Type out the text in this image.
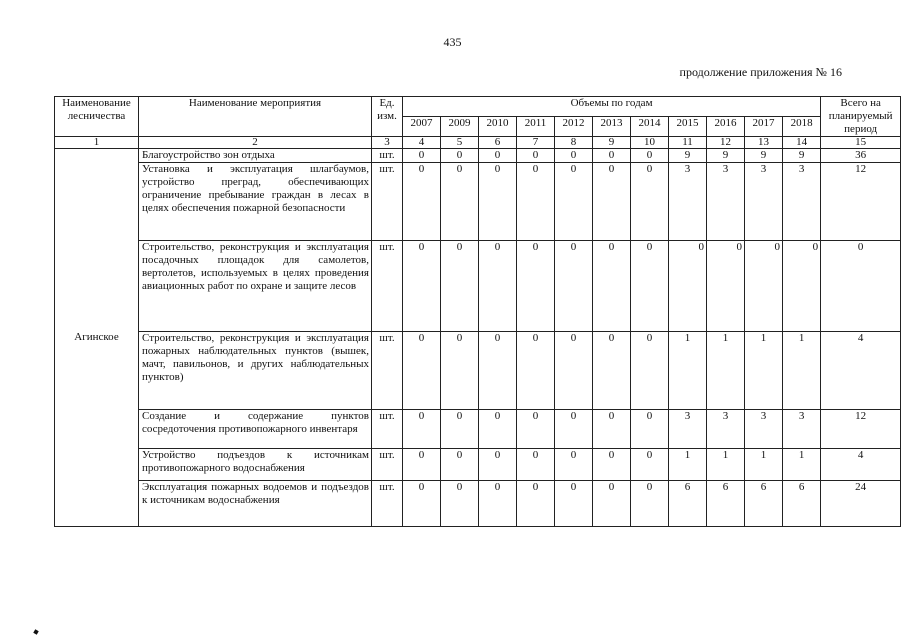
435
продолжение приложения № 16
Наименование лесничества	Наименование мероприятия	Ед. изм.	Объемы по годам											Всего на планируемый период
			2007	2009	2010	2011	2012	2013	2014	2015	2016	2017	2018	
1	2	3	4	5	6	7	8	9	10	11	12	13	14	15
Агинское	Благоустройство зон отдыха	шт.	0	0	0	0	0	0	0	9	9	9	9	36
	Установка и эксплуатация шлагбаумов, устройство преград, обеспечивающих ограничение пребывание граждан в лесах в целях обеспечения пожарной безопасности	шт.	0	0	0	0	0	0	0	3	3	3	3	12
	Строительство, реконструкция и эксплуатация посадочных площадок для самолетов, вертолетов, используемых в целях проведения авиационных работ по охране и защите лесов	шт.	0	0	0	0	0	0	0	0	0	0	0	0
	Строительство, реконструкция и эксплуатация пожарных наблюдательных пунктов (вышек, мачт, павильонов, и других наблюдательных пунктов)	шт.	0	0	0	0	0	0	0	1	1	1	1	4
	Создание и содержание пунктов сосредоточения противопожарного инвентаря	шт.	0	0	0	0	0	0	0	3	3	3	3	12
	Устройство подъездов к источникам противопожарного водоснабжения	шт.	0	0	0	0	0	0	0	1	1	1	1	4
	Эксплуатация пожарных водоемов и подъездов к источникам водоснабжения	шт.	0	0	0	0	0	0	0	6	6	6	6	24
